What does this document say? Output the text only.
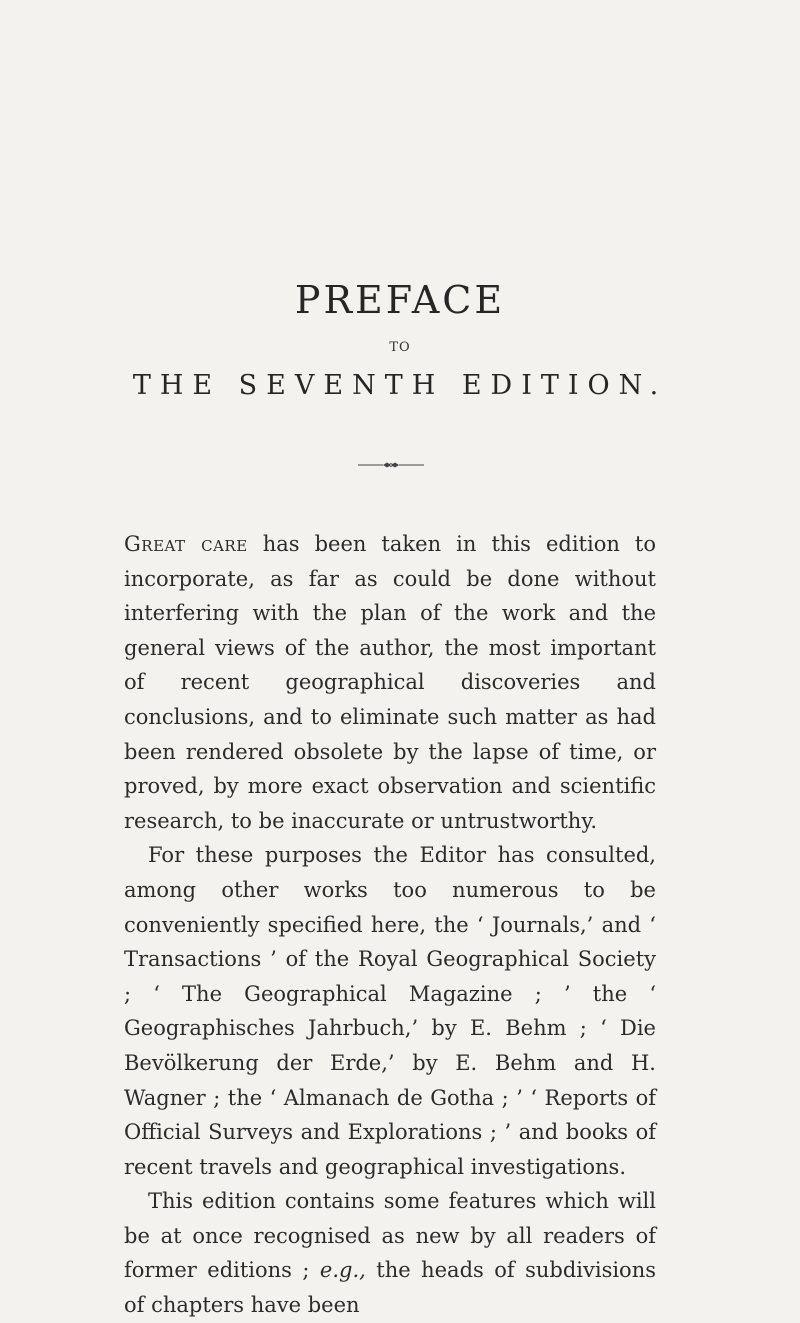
PREFACE
TO
THE SEVENTH EDITION.

Great care has been taken in this edition to incorporate, as far as could be done without interfering with the plan of the work and the general views of the author, the most important of recent geographical discoveries and conclusions, and to eliminate such matter as had been rendered obsolete by the lapse of time, or proved, by more exact observation and scientific research, to be inaccurate or untrustworthy.

For these purposes the Editor has consulted, among other works too numerous to be conveniently specified here, the ‘ Journals,’ and ‘ Transactions ’ of the Royal Geographical Society ; ‘ The Geographical Magazine ; ’ the ‘ Geographisches Jahrbuch,’ by E. Behm ; ‘ Die Bevölkerung der Erde,’ by E. Behm and H. Wagner ; the ‘ Almanach de Gotha ; ’ ‘ Reports of Official Surveys and Explorations ; ’ and books of recent travels and geographical investigations.

This edition contains some features which will be at once recognised as new by all readers of former editions ; e.g., the heads of subdivisions of chapters have been
